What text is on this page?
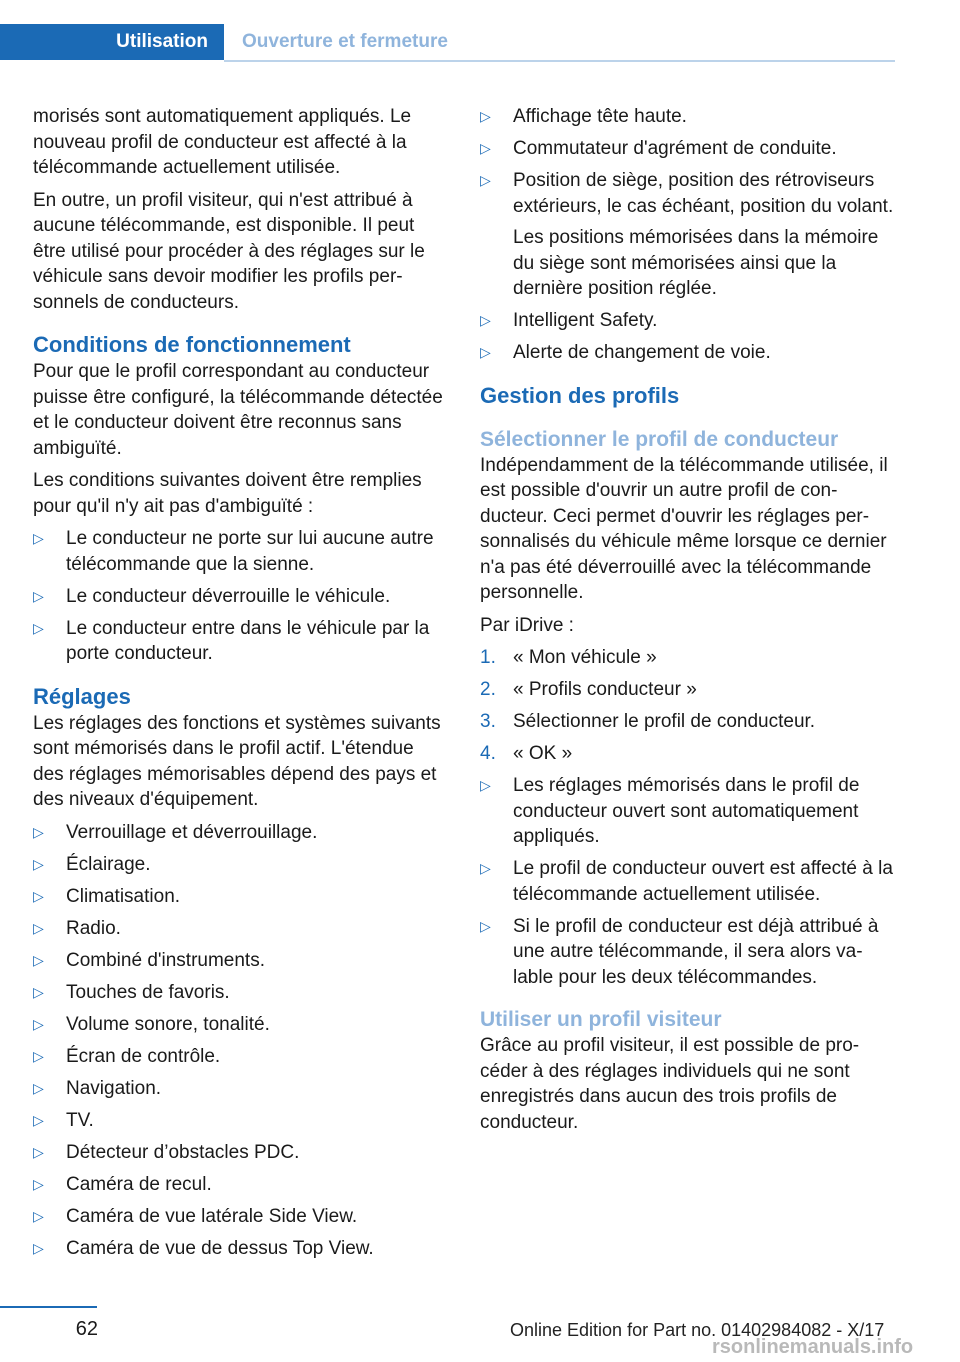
Utilisation	Ouverture et fermeture

morisés sont automatiquement appliqués. Le nouveau profil de conducteur est affecté à la télécommande actuellement utilisée.

En outre, un profil visiteur, qui n'est attribué à aucune télécommande, est disponible. Il peut être utilisé pour procéder à des réglages sur le véhicule sans devoir modifier les profils personnels de conducteurs.

Conditions de fonctionnement

Pour que le profil correspondant au conducteur puisse être configuré, la télécommande détectée et le conducteur doivent être reconnus sans ambiguïté.

Les conditions suivantes doivent être remplies pour qu'il n'y ait pas d'ambiguïté :

▷ Le conducteur ne porte sur lui aucune autre télécommande que la sienne.
▷ Le conducteur déverrouille le véhicule.
▷ Le conducteur entre dans le véhicule par la porte conducteur.
Réglages

Les réglages des fonctions et systèmes suivants sont mémorisés dans le profil actif. L'étendue des réglages mémorisables dépend des pays et des niveaux d'équipement.

▷ Verrouillage et déverrouillage.
▷ Éclairage.
▷ Climatisation.
▷ Radio.
▷ Combiné d'instruments.
▷ Touches de favoris.
▷ Volume sonore, tonalité.
▷ Écran de contrôle.
▷ Navigation.
▷ TV.
▷ Détecteur d’obstacles PDC.
▷ Caméra de recul.
▷ Caméra de vue latérale Side View.
▷ Caméra de vue de dessus Top View.
▷ Affichage tête haute.
▷ Commutateur d'agrément de conduite.
▷ Position de siège, position des rétroviseurs extérieurs, le cas échéant, position du volant.

Les positions mémorisées dans la mémoire du siège sont mémorisées ainsi que la dernière position réglée.

▷ Intelligent Safety.
▷ Alerte de changement de voie.
Gestion des profils
Sélectionner le profil de conducteur

Indépendamment de la télécommande utilisée, il est possible d'ouvrir un autre profil de conducteur. Ceci permet d'ouvrir les réglages personnalisés du véhicule même lorsque ce dernier n'a pas été déverrouillé avec la télécommande personnelle.

Par iDrive :

1. « Mon véhicule »
2. « Profils conducteur »
3. Sélectionner le profil de conducteur.
4. « OK »
▷ Les réglages mémorisés dans le profil de conducteur ouvert sont automatiquement appliqués.
▷ Le profil de conducteur ouvert est affecté à la télécommande actuellement utilisée.
▷ Si le profil de conducteur est déjà attribué à une autre télécommande, il sera alors valable pour les deux télécommandes.
Utiliser un profil visiteur

Grâce au profil visiteur, il est possible de procéder à des réglages individuels qui ne sont enregistrés dans aucun des trois profils de conducteur.

62	Online Edition for Part no. 01402984082 - X/17
rsonlinemanuals.info
